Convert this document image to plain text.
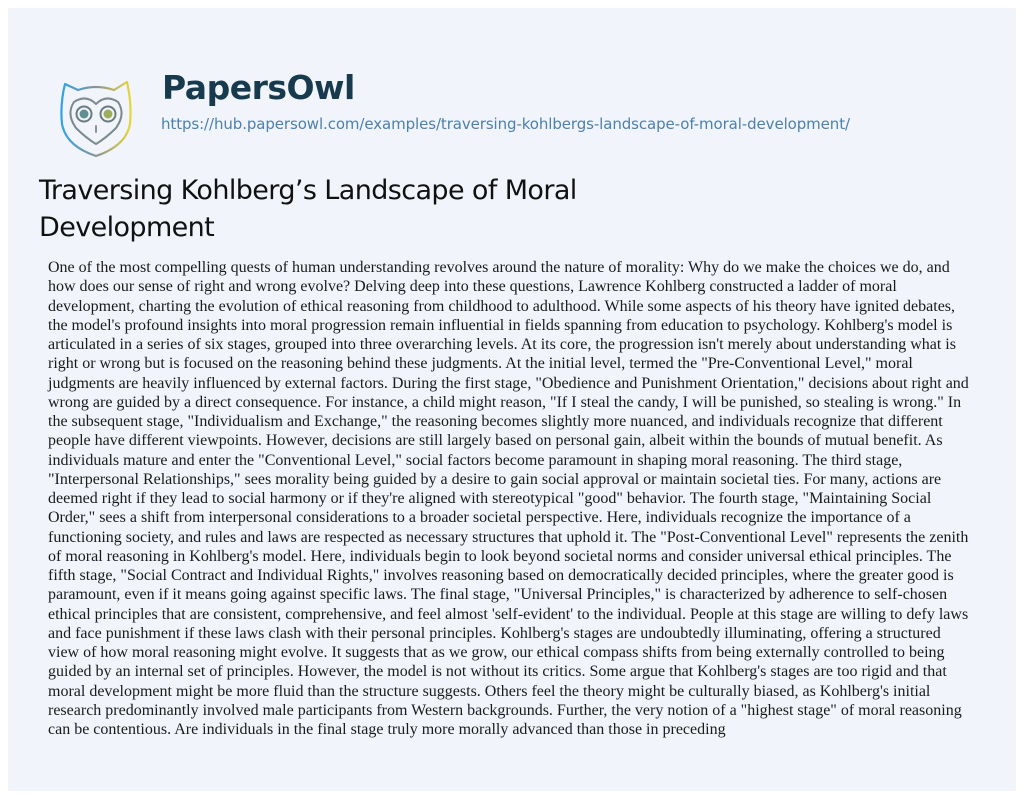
PapersOwl
https://hub.papersowl.com/examples/traversing-kohlbergs-landscape-of-moral-development/
Traversing Kohlberg’s Landscape of Moral
Development
One of the most compelling quests of human understanding revolves around the nature of morality: Why do we make the choices we do, and
how does our sense of right and wrong evolve? Delving deep into these questions, Lawrence Kohlberg constructed a ladder of moral
development, charting the evolution of ethical reasoning from childhood to adulthood. While some aspects of his theory have ignited debates,
the model's profound insights into moral progression remain influential in fields spanning from education to psychology. Kohlberg's model is
articulated in a series of six stages, grouped into three overarching levels. At its core, the progression isn't merely about understanding what is
right or wrong but is focused on the reasoning behind these judgments. At the initial level, termed the "Pre-Conventional Level," moral
judgments are heavily influenced by external factors. During the first stage, "Obedience and Punishment Orientation," decisions about right and
wrong are guided by a direct consequence. For instance, a child might reason, "If I steal the candy, I will be punished, so stealing is wrong." In
the subsequent stage, "Individualism and Exchange," the reasoning becomes slightly more nuanced, and individuals recognize that different
people have different viewpoints. However, decisions are still largely based on personal gain, albeit within the bounds of mutual benefit. As
individuals mature and enter the "Conventional Level," social factors become paramount in shaping moral reasoning. The third stage,
"Interpersonal Relationships," sees morality being guided by a desire to gain social approval or maintain societal ties. For many, actions are
deemed right if they lead to social harmony or if they're aligned with stereotypical "good" behavior. The fourth stage, "Maintaining Social
Order," sees a shift from interpersonal considerations to a broader societal perspective. Here, individuals recognize the importance of a
functioning society, and rules and laws are respected as necessary structures that uphold it. The "Post-Conventional Level" represents the zenith
of moral reasoning in Kohlberg's model. Here, individuals begin to look beyond societal norms and consider universal ethical principles. The
fifth stage, "Social Contract and Individual Rights," involves reasoning based on democratically decided principles, where the greater good is
paramount, even if it means going against specific laws. The final stage, "Universal Principles," is characterized by adherence to self-chosen
ethical principles that are consistent, comprehensive, and feel almost 'self-evident' to the individual. People at this stage are willing to defy laws
and face punishment if these laws clash with their personal principles. Kohlberg's stages are undoubtedly illuminating, offering a structured
view of how moral reasoning might evolve. It suggests that as we grow, our ethical compass shifts from being externally controlled to being
guided by an internal set of principles. However, the model is not without its critics. Some argue that Kohlberg's stages are too rigid and that
moral development might be more fluid than the structure suggests. Others feel the theory might be culturally biased, as Kohlberg's initial
research predominantly involved male participants from Western backgrounds. Further, the very notion of a "highest stage" of moral reasoning
can be contentious. Are individuals in the final stage truly more morally advanced than those in preceding
